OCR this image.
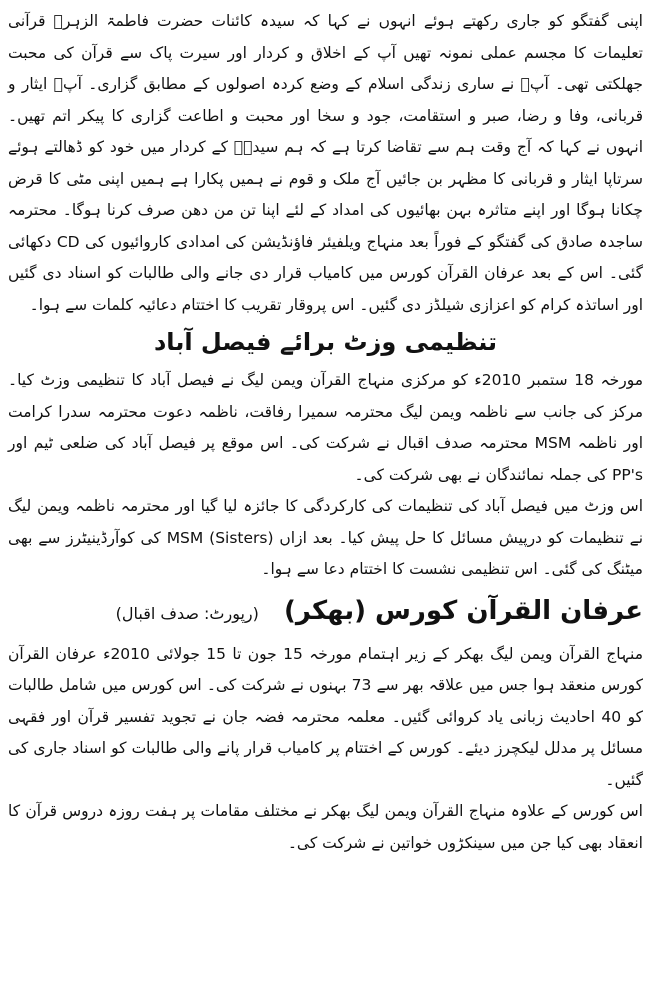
اپنی گفتگو کو جاری رکھتے ہوئے انہوں نے کہا کہ سیدہ کائنات حضرت فاطمۃ الزہرؑ قرآنی تعلیمات کا مجسم عملی نمونہ تھیں آپ کے اخلاق و کردار اور سیرت پاک سے قرآن کی محبت جھلکتی تھی۔ آپؑ نے ساری زندگی اسلام کے وضع کردہ اصولوں کے مطابق گزاری۔ آپؑ ایثار و قربانی، وفا و رضا، صبر و استقامت، جود و سخا اور محبت و اطاعت گزاری کا پیکر اتم تھیں۔ انہوں نے کہا کہ آج وقت ہم سے تقاضا کرتا ہے کہ ہم سیدہؑ کے کردار میں خود کو ڈھالتے ہوئے سرتاپا ایثار و قربانی کا مظہر بن جائیں آج ملک و قوم نے ہمیں پکارا ہے ہمیں اپنی مٹی کا قرض چکانا ہوگا اور اپنے متاثرہ بہن بھائیوں کی امداد کے لئے اپنا تن من دھن صرف کرنا ہوگا۔ محترمہ ساجدہ صادق کی گفتگو کے فوراً بعد منہاج ویلفیئر فاؤنڈیشن کی امدادی کاروائیوں کی CD دکھائی گئی۔ اس کے بعد عرفان القرآن کورس میں کامیاب قرار دی جانے والی طالبات کو اسناد دی گئیں اور اساتذہ کرام کو اعزازی شیلڈز دی گئیں۔ اس پروقار تقریب کا اختتام دعائیہ کلمات سے ہوا۔

تنظیمی وزٹ برائے فیصل آباد

مورخہ 18 ستمبر 2010ء کو مرکزی منہاج القرآن ویمن لیگ نے فیصل آباد کا تنظیمی وزٹ کیا۔ مرکز کی جانب سے ناظمہ ویمن لیگ محترمہ سمیرا رفاقت، ناظمہ دعوت محترمہ سدرا کرامت اور ناظمہ MSM محترمہ صدف اقبال نے شرکت کی۔ اس موقع پر فیصل آباد کی ضلعی ٹیم اور PP's کی جملہ نمائندگان نے بھی شرکت کی۔

اس وزٹ میں فیصل آباد کی تنظیمات کی کارکردگی کا جائزہ لیا گیا اور محترمہ ناظمہ ویمن لیگ نے تنظیمات کو درپیش مسائل کا حل پیش کیا۔ بعد ازاں MSM (Sisters) کی کوآرڈینیٹرز سے بھی میٹنگ کی گئی۔ اس تنظیمی نشست کا اختتام دعا سے ہوا۔

عرفان القرآن کورس (بھکر) (رپورٹ: صدف اقبال)

منہاج القرآن ویمن لیگ بھکر کے زیر اہتمام مورخہ 15 جون تا 15 جولائی 2010ء عرفان القرآن کورس منعقد ہوا جس میں علاقہ بھر سے 73 بہنوں نے شرکت کی۔ اس کورس میں شامل طالبات کو 40 احادیث زبانی یاد کروائی گئیں۔ معلمہ محترمہ فضہ جان نے تجوید تفسیر قرآن اور فقہی مسائل پر مدلل لیکچرز دیئے۔ کورس کے اختتام پر کامیاب قرار پانے والی طالبات کو اسناد جاری کی گئیں۔

اس کورس کے علاوہ منہاج القرآن ویمن لیگ بھکر نے مختلف مقامات پر ہفت روزہ دروس قرآن کا انعقاد بھی کیا جن میں سینکڑوں خواتین نے شرکت کی۔
